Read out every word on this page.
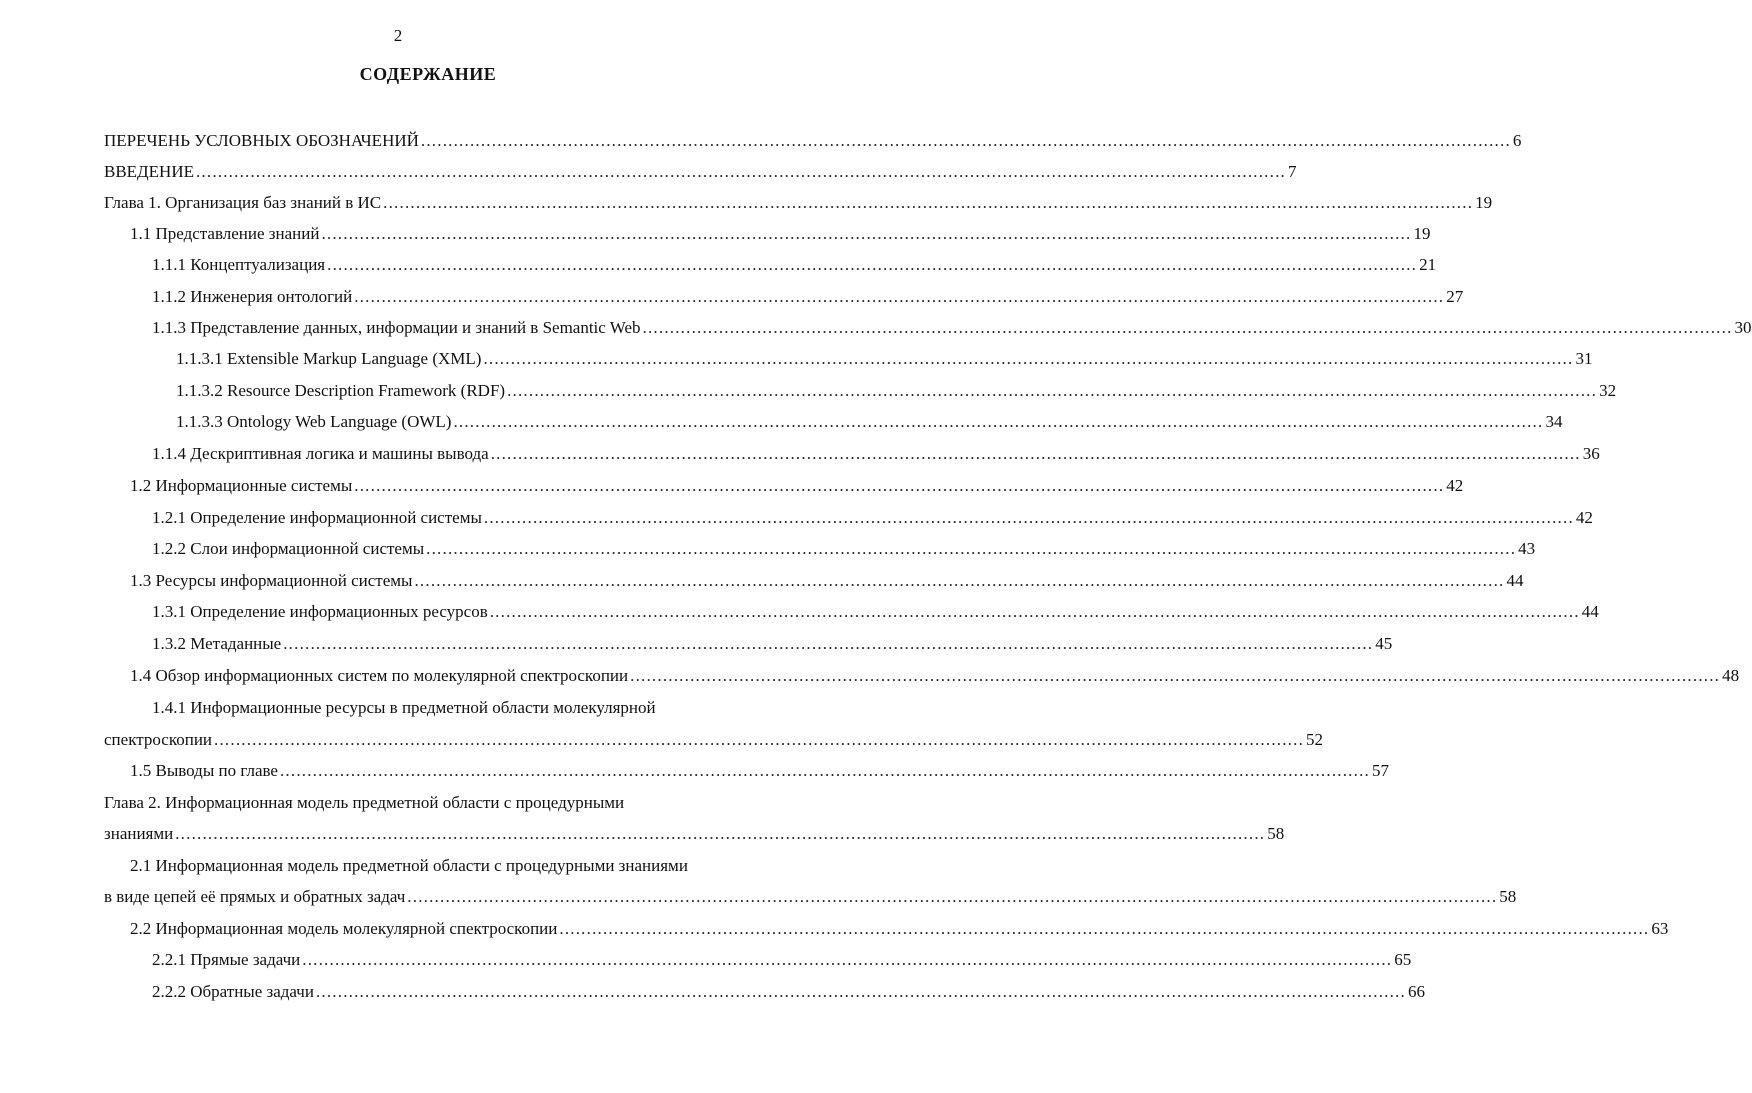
2
СОДЕРЖАНИЕ
ПЕРЕЧЕНЬ УСЛОВНЫХ ОБОЗНАЧЕНИЙ ........................................................................................................................................................................................................ 6
ВВЕДЕНИЕ ........................................................................................................................................................................................................ 7
Глава 1. Организация баз знаний в ИС ........................................................................................................................................................................................................ 19
1.1 Представление знаний ........................................................................................................................................................................................................ 19
1.1.1 Концептуализация ........................................................................................................................................................................................................ 21
1.1.2 Инженерия онтологий ........................................................................................................................................................................................................ 27
1.1.3 Представление данных, информации и знаний в Semantic Web ........................................................................................................................................................................................................ 30
1.1.3.1 Extensible Markup Language (XML) ........................................................................................................................................................................................................ 31
1.1.3.2 Resource Description Framework (RDF) ........................................................................................................................................................................................................ 32
1.1.3.3 Ontology Web Language (OWL) ........................................................................................................................................................................................................ 34
1.1.4 Дескриптивная логика и машины вывода ........................................................................................................................................................................................................ 36
1.2 Информационные системы ........................................................................................................................................................................................................ 42
1.2.1 Определение информационной системы ........................................................................................................................................................................................................ 42
1.2.2 Слои информационной системы ........................................................................................................................................................................................................ 43
1.3 Ресурсы информационной системы ........................................................................................................................................................................................................ 44
1.3.1 Определение информационных ресурсов ........................................................................................................................................................................................................ 44
1.3.2 Метаданные ........................................................................................................................................................................................................ 45
1.4 Обзор информационных систем по молекулярной спектроскопии ........................................................................................................................................................................................................ 48
1.4.1 Информационные ресурсы в предметной области молекулярной
спектроскопии ........................................................................................................................................................................................................ 52
1.5 Выводы по главе ........................................................................................................................................................................................................ 57
Глава 2. Информационная модель предметной области с процедурными
знаниями ........................................................................................................................................................................................................ 58
2.1 Информационная модель предметной области с процедурными знаниями
в виде цепей её прямых и обратных задач ........................................................................................................................................................................................................ 58
2.2 Информационная модель молекулярной спектроскопии ........................................................................................................................................................................................................ 63
2.2.1 Прямые задачи ........................................................................................................................................................................................................ 65
2.2.2 Обратные задачи ........................................................................................................................................................................................................ 66
